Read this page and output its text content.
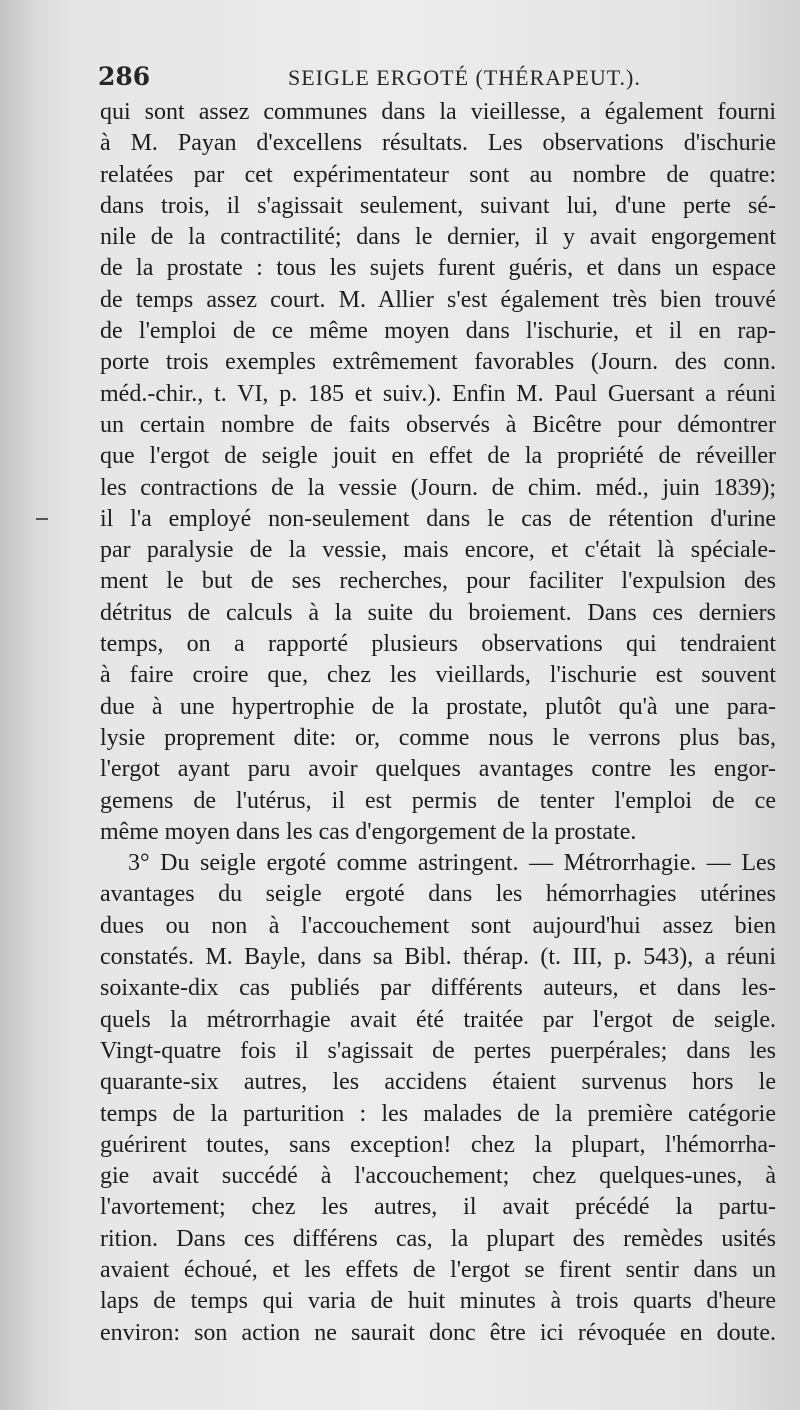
286	SEIGLE ERGOTÉ (THÉRAPEUT.).
qui sont assez communes dans la vieillesse, a également fourni
à M. Payan d'excellens résultats. Les observations d'ischurie
relatées par cet expérimentateur sont au nombre de quatre:
dans trois, il s'agissait seulement, suivant lui, d'une perte sé-
nile de la contractilité; dans le dernier, il y avait engorgement
de la prostate : tous les sujets furent guéris, et dans un espace
de temps assez court. M. Allier s'est également très bien trouvé
de l'emploi de ce même moyen dans l'ischurie, et il en rap-
porte trois exemples extrêmement favorables (Journ. des conn.
méd.-chir., t. VI, p. 185 et suiv.). Enfin M. Paul Guersant a réuni
un certain nombre de faits observés à Bicêtre pour démontrer
que l'ergot de seigle jouit en effet de la propriété de réveiller
les contractions de la vessie (Journ. de chim. méd., juin 1839);
il l'a employé non-seulement dans le cas de rétention d'urine
par paralysie de la vessie, mais encore, et c'était là spéciale-
ment le but de ses recherches, pour faciliter l'expulsion des
détritus de calculs à la suite du broiement. Dans ces derniers
temps, on a rapporté plusieurs observations qui tendraient
à faire croire que, chez les vieillards, l'ischurie est souvent
due à une hypertrophie de la prostate, plutôt qu'à une para-
lysie proprement dite: or, comme nous le verrons plus bas,
l'ergot ayant paru avoir quelques avantages contre les engor-
gemens de l'utérus, il est permis de tenter l'emploi de ce
même moyen dans les cas d'engorgement de la prostate.
3° Du seigle ergoté comme astringent. — Métrorrhagie. — Les
avantages du seigle ergoté dans les hémorrhagies utérines
dues ou non à l'accouchement sont aujourd'hui assez bien
constatés. M. Bayle, dans sa Bibl. thérap. (t. III, p. 543), a réuni
soixante-dix cas publiés par différents auteurs, et dans les-
quels la métrorrhagie avait été traitée par l'ergot de seigle.
Vingt-quatre fois il s'agissait de pertes puerpérales; dans les
quarante-six autres, les accidens étaient survenus hors le
temps de la parturition : les malades de la première catégorie
guérirent toutes, sans exception! chez la plupart, l'hémorrha-
gie avait succédé à l'accouchement; chez quelques-unes, à
l'avortement; chez les autres, il avait précédé la partu-
rition. Dans ces différens cas, la plupart des remèdes usités
avaient échoué, et les effets de l'ergot se firent sentir dans un
laps de temps qui varia de huit minutes à trois quarts d'heure
environ: son action ne saurait donc être ici révoquée en doute.
